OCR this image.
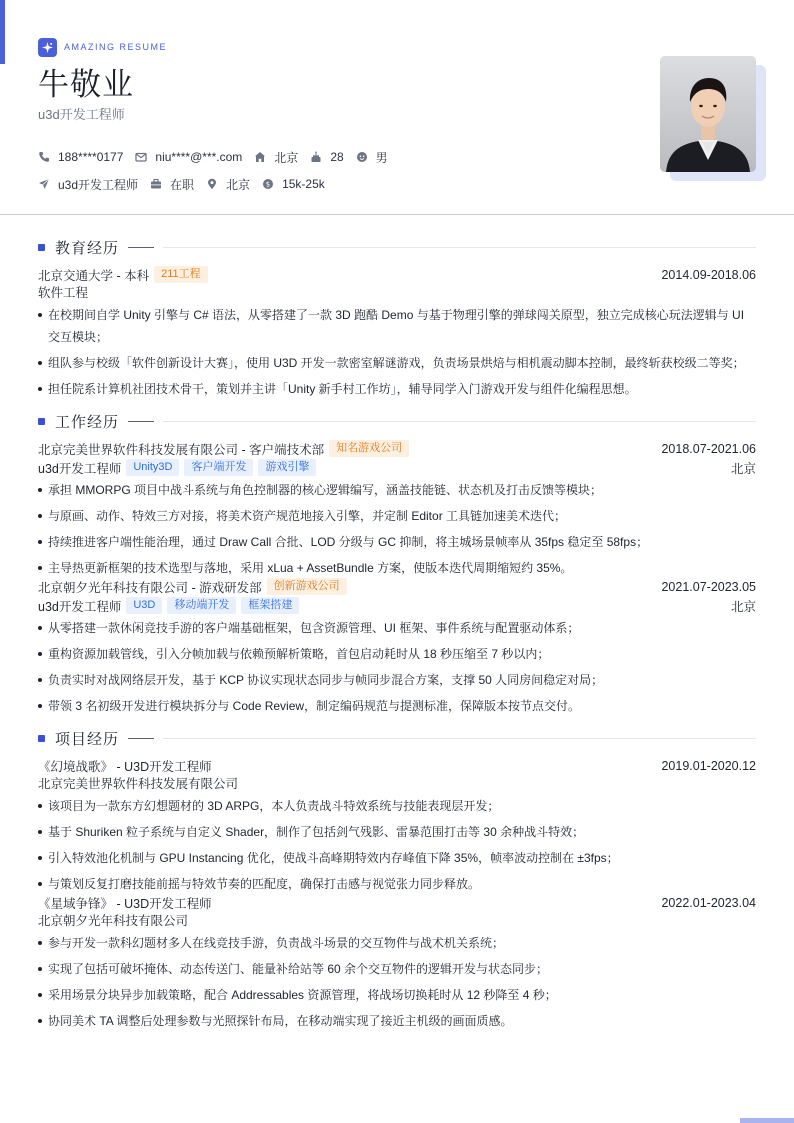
AMAZING RESUME
牛敬业
u3d开发工程师
188****0177	niu****@***.com	北京	28	男
u3d开发工程师	在职	北京 $ 15k-25k
教育经历
北京交通大学 - 本科	211工程	2014.09-2018.06
软件工程
在校期间自学 Unity 引擎与 C# 语法，从零搭建了一款 3D 跑酷 Demo 与基于物理引擎的弹球闯关原型，独立完成核心玩法逻辑与 UI 交互模块；
组队参与校级「软件创新设计大赛」，使用 U3D 开发一款密室解谜游戏，负责场景烘焙与相机震动脚本控制，最终斩获校级二等奖；
担任院系计算机社团技术骨干，策划并主讲「Unity 新手村工作坊」，辅导同学入门游戏开发与组件化编程思想。
工作经历
北京完美世界软件科技发展有限公司 - 客户端技术部	知名游戏公司	2018.07-2021.06
u3d开发工程师	Unity3D	客户端开发	游戏引擎	北京
承担 MMORPG 项目中战斗系统与角色控制器的核心逻辑编写，涵盖技能链、状态机及打击反馈等模块；
与原画、动作、特效三方对接，将美术资产规范地接入引擎，并定制 Editor 工具链加速美术迭代；
持续推进客户端性能治理，通过 Draw Call 合批、LOD 分级与 GC 抑制，将主城场景帧率从 35fps 稳定至 58fps；
主导热更新框架的技术选型与落地，采用 xLua + AssetBundle 方案，使版本迭代周期缩短约 35%。
北京朝夕光年科技有限公司 - 游戏研发部	创新游戏公司	2021.07-2023.05
u3d开发工程师	U3D	移动端开发	框架搭建	北京
从零搭建一款休闲竞技手游的客户端基础框架，包含资源管理、UI 框架、事件系统与配置驱动体系；
重构资源加载管线，引入分帧加载与依赖预解析策略，首包启动耗时从 18 秒压缩至 7 秒以内；
负责实时对战网络层开发，基于 KCP 协议实现状态同步与帧同步混合方案，支撑 50 人同房间稳定对局；
带领 3 名初级开发进行模块拆分与 Code Review，制定编码规范与提测标准，保障版本按节点交付。
项目经历
《幻境战歌》 - U3D开发工程师	2019.01-2020.12
北京完美世界软件科技发展有限公司
该项目为一款东方幻想题材的 3D ARPG，本人负责战斗特效系统与技能表现层开发；
基于 Shuriken 粒子系统与自定义 Shader，制作了包括剑气残影、雷暴范围打击等 30 余种战斗特效；
引入特效池化机制与 GPU Instancing 优化，使战斗高峰期特效内存峰值下降 35%，帧率波动控制在 ±3fps；
与策划反复打磨技能前摇与特效节奏的匹配度，确保打击感与视觉张力同步释放。
《星域争锋》 - U3D开发工程师	2022.01-2023.04
北京朝夕光年科技有限公司
参与开发一款科幻题材多人在线竞技手游，负责战斗场景的交互物件与战术机关系统；
实现了包括可破坏掩体、动态传送门、能量补给站等 60 余个交互物件的逻辑开发与状态同步；
采用场景分块异步加载策略，配合 Addressables 资源管理，将战场切换耗时从 12 秒降至 4 秒；
协同美术 TA 调整后处理参数与光照探针布局，在移动端实现了接近主机级的画面质感。
